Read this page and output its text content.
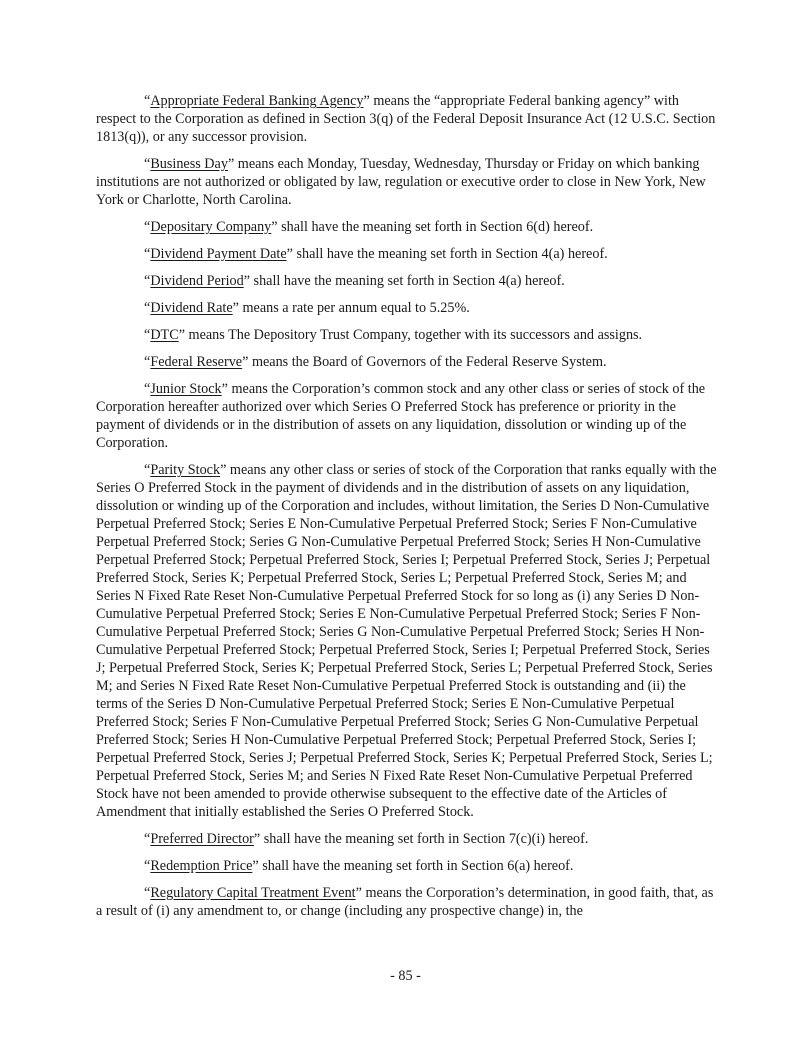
“Appropriate Federal Banking Agency” means the “appropriate Federal banking agency” with respect to the Corporation as defined in Section 3(q) of the Federal Deposit Insurance Act (12 U.S.C. Section 1813(q)), or any successor provision.

“Business Day” means each Monday, Tuesday, Wednesday, Thursday or Friday on which banking institutions are not authorized or obligated by law, regulation or executive order to close in New York, New York or Charlotte, North Carolina.

“Depositary Company” shall have the meaning set forth in Section 6(d) hereof.

“Dividend Payment Date” shall have the meaning set forth in Section 4(a) hereof.

“Dividend Period” shall have the meaning set forth in Section 4(a) hereof.

“Dividend Rate” means a rate per annum equal to 5.25%.

“DTC” means The Depository Trust Company, together with its successors and assigns.

“Federal Reserve” means the Board of Governors of the Federal Reserve System.

“Junior Stock” means the Corporation’s common stock and any other class or series of stock of the Corporation hereafter authorized over which Series O Preferred Stock has preference or priority in the payment of dividends or in the distribution of assets on any liquidation, dissolution or winding up of the Corporation.

“Parity Stock” means any other class or series of stock of the Corporation that ranks equally with the Series O Preferred Stock in the payment of dividends and in the distribution of assets on any liquidation, dissolution or winding up of the Corporation and includes, without limitation, the Series D Non-Cumulative Perpetual Preferred Stock; Series E Non-Cumulative Perpetual Preferred Stock; Series F Non-Cumulative Perpetual Preferred Stock; Series G Non-Cumulative Perpetual Preferred Stock; Series H Non-Cumulative Perpetual Preferred Stock; Perpetual Preferred Stock, Series I; Perpetual Preferred Stock, Series J; Perpetual Preferred Stock, Series K; Perpetual Preferred Stock, Series L; Perpetual Preferred Stock, Series M; and Series N Fixed Rate Reset Non-Cumulative Perpetual Preferred Stock for so long as (i) any Series D Non-Cumulative Perpetual Preferred Stock; Series E Non-Cumulative Perpetual Preferred Stock; Series F Non-Cumulative Perpetual Preferred Stock; Series G Non-Cumulative Perpetual Preferred Stock; Series H Non-Cumulative Perpetual Preferred Stock; Perpetual Preferred Stock, Series I; Perpetual Preferred Stock, Series J; Perpetual Preferred Stock, Series K; Perpetual Preferred Stock, Series L; Perpetual Preferred Stock, Series M; and Series N Fixed Rate Reset Non-Cumulative Perpetual Preferred Stock is outstanding and (ii) the terms of the Series D Non-Cumulative Perpetual Preferred Stock; Series E Non-Cumulative Perpetual Preferred Stock; Series F Non-Cumulative Perpetual Preferred Stock; Series G Non-Cumulative Perpetual Preferred Stock; Series H Non-Cumulative Perpetual Preferred Stock; Perpetual Preferred Stock, Series I; Perpetual Preferred Stock, Series J; Perpetual Preferred Stock, Series K; Perpetual Preferred Stock, Series L; Perpetual Preferred Stock, Series M; and Series N Fixed Rate Reset Non-Cumulative Perpetual Preferred Stock have not been amended to provide otherwise subsequent to the effective date of the Articles of Amendment that initially established the Series O Preferred Stock.

“Preferred Director” shall have the meaning set forth in Section 7(c)(i) hereof.

“Redemption Price” shall have the meaning set forth in Section 6(a) hereof.

“Regulatory Capital Treatment Event” means the Corporation’s determination, in good faith, that, as a result of (i) any amendment to, or change (including any prospective change) in, the

- 85 -
